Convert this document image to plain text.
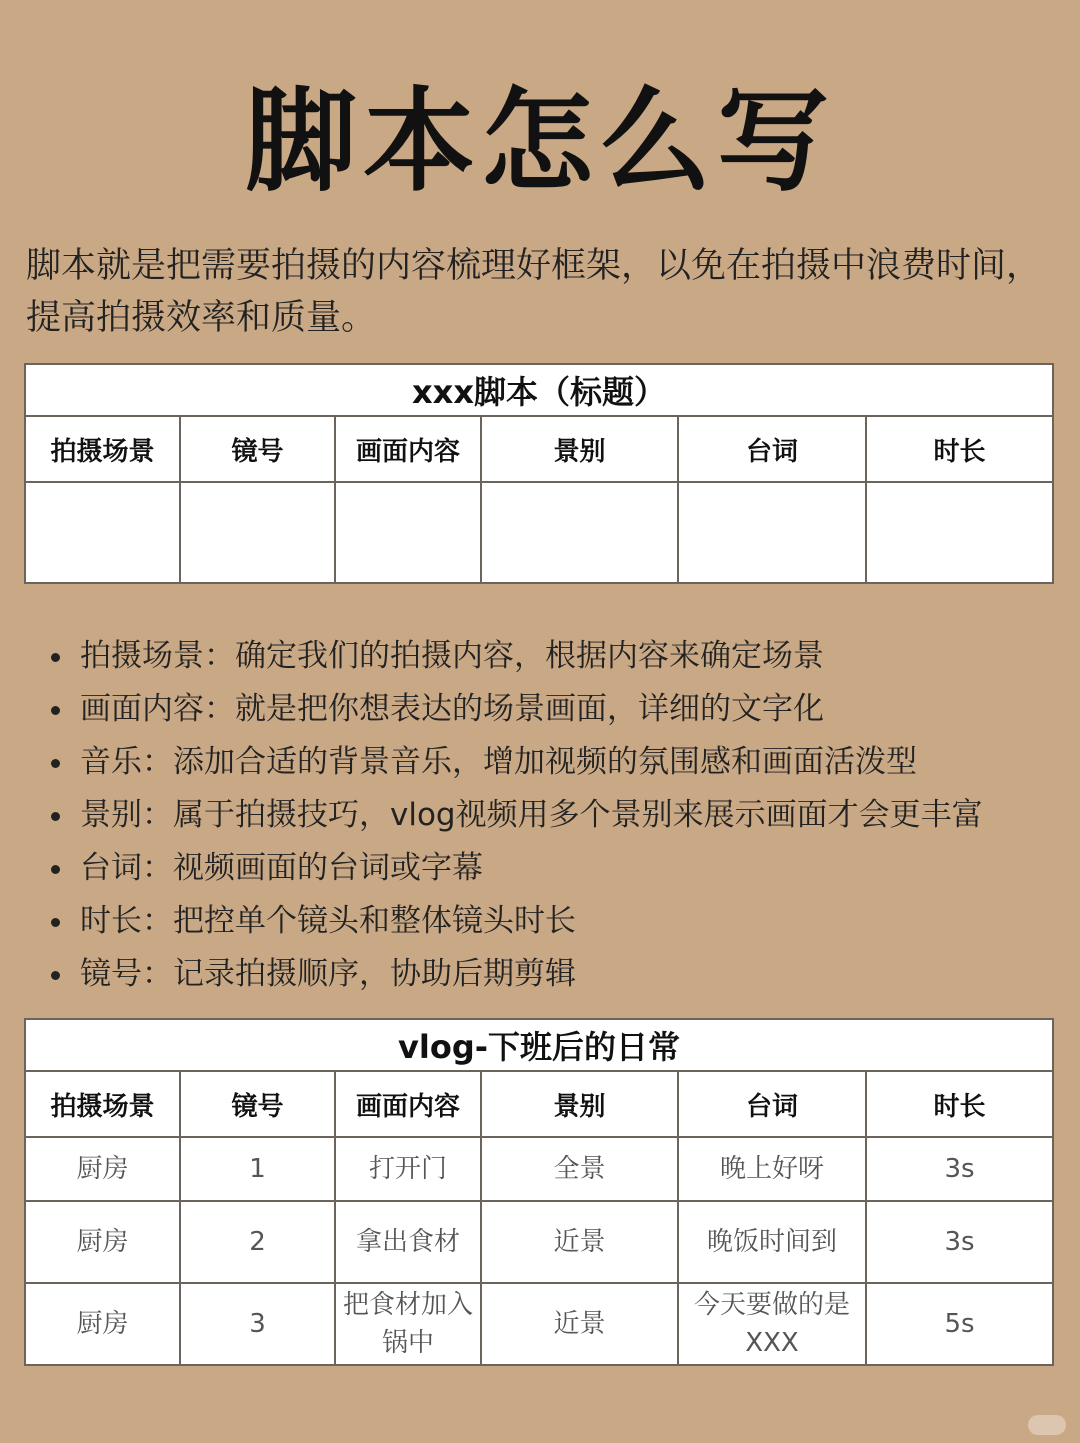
脚本怎么写
脚本就是把需要拍摄的内容梳理好框架，以免在拍摄中浪费时间，提高拍摄效率和质量。
xxx脚本（标题）					
拍摄场景	镜号	画面内容	景别	台词	时长

拍摄场景：确定我们的拍摄内容，根据内容来确定场景
画面内容：就是把你想表达的场景画面，详细的文字化
音乐：添加合适的背景音乐，增加视频的氛围感和画面活泼型
景别：属于拍摄技巧，vlog视频用多个景别来展示画面才会更丰富
台词：视频画面的台词或字幕
时长：把控单个镜头和整体镜头时长
镜号：记录拍摄顺序，协助后期剪辑
vlog-下班后的日常					
拍摄场景	镜号	画面内容	景别	台词	时长
厨房	1	打开门	全景	晚上好呀	3s
厨房	2	拿出食材	近景	晚饭时间到	3s
厨房	3	把食材加入锅中	近景	今天要做的是XXX	5s
